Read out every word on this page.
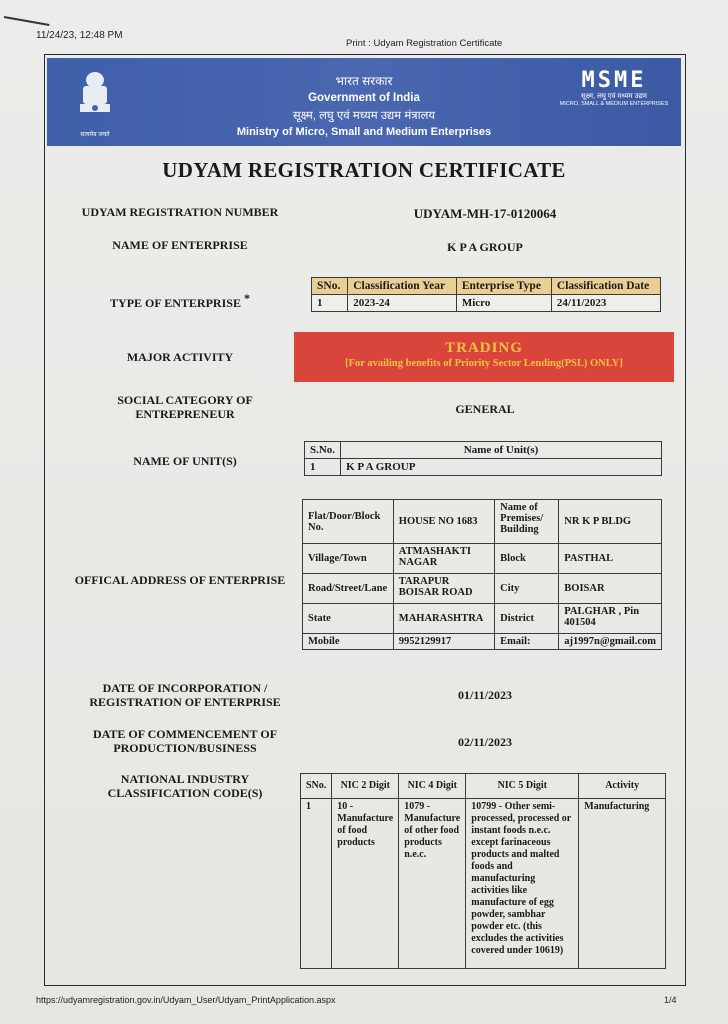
11/24/23, 12:48 PM
Print : Udyam Registration Certificate
सत्यमेव जयते
भारत सरकार
Government of India
सूक्ष्म, लघु एवं मध्यम उद्यम मंत्रालय
Ministry of Micro, Small and Medium Enterprises
MSME
सूक्ष्म, लघु एवं मध्यम उद्यम
MICRO, SMALL & MEDIUM ENTERPRISES
UDYAM REGISTRATION CERTIFICATE
UDYAM REGISTRATION NUMBER	UDYAM-MH-17-0120064
NAME OF ENTERPRISE	K P A GROUP
TYPE OF ENTERPRISE *
SNo.	Classification Year	Enterprise Type	Classification Date
1	2023-24	Micro	24/11/2023
MAJOR ACTIVITY
TRADING
[For availing benefits of Priority Sector Lending(PSL) ONLY]
SOCIAL CATEGORY OF
ENTREPRENEUR	GENERAL
NAME OF UNIT(S)
S.No.	Name of Unit(s)
1	K P A GROUP
OFFICAL ADDRESS OF ENTERPRISE
Flat/Door/Block No.	HOUSE NO 1683	Name of Premises/ Building	NR K P BLDG
Village/Town	ATMASHAKTI NAGAR	Block	PASTHAL
Road/Street/Lane	TARAPUR BOISAR ROAD	City	BOISAR
State	MAHARASHTRA	District	PALGHAR , Pin 401504
Mobile	9952129917	Email:	aj1997n@gmail.com
DATE OF INCORPORATION /
REGISTRATION OF ENTERPRISE	01/11/2023
DATE OF COMMENCEMENT OF
PRODUCTION/BUSINESS	02/11/2023
NATIONAL INDUSTRY
CLASSIFICATION CODE(S)
SNo.	NIC 2 Digit	NIC 4 Digit	NIC 5 Digit	Activity
1	10 - Manufacture of food products	1079 - Manufacture of other food products n.e.c.	10799 - Other semi-processed, processed or instant foods n.e.c. except farinaceous products and malted foods and manufacturing activities like manufacture of egg powder, sambhar powder etc. (this excludes the activities covered under 10619)	Manufacturing
https://udyamregistration.gov.in/Udyam_User/Udyam_PrintApplication.aspx	1/4
